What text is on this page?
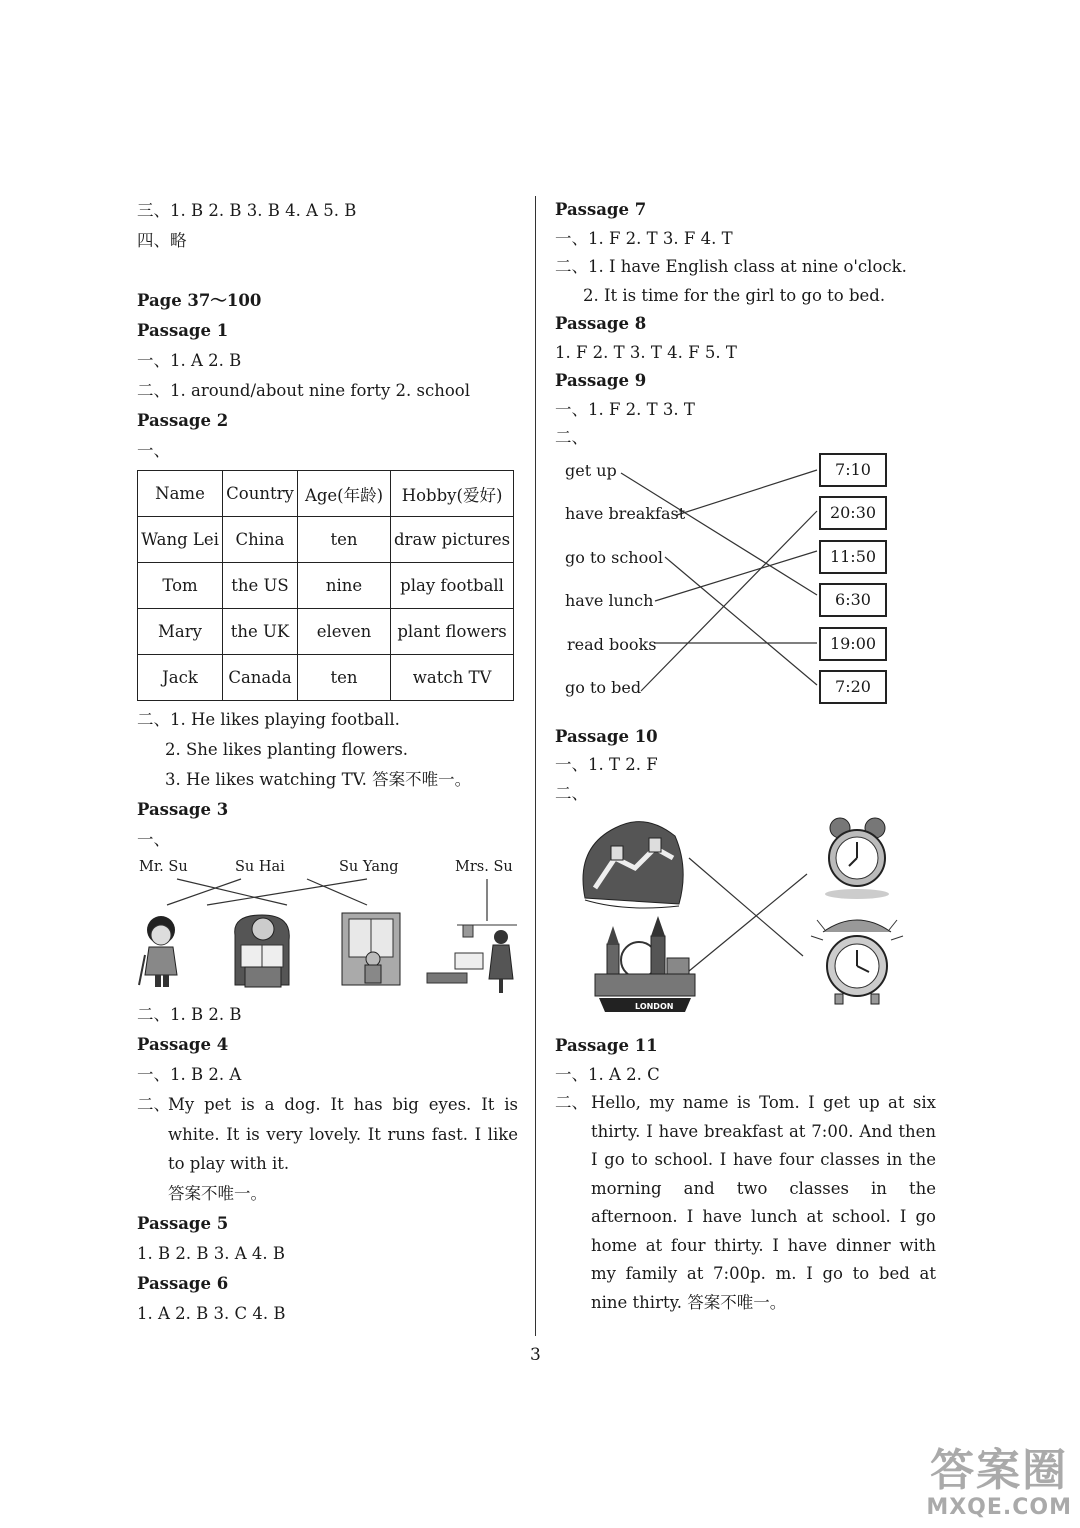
三、1. B 2. B 3. B 4. A 5. B
四、略
Page 37～100
Passage 1
一、1. A 2. B
二、1. around/about nine forty 2. school
Passage 2
一、
Name	Country	Age(年龄)	Hobby(爱好)
Wang Lei	China	ten	draw pictures
Tom	the US	nine	play football
Mary	the UK	eleven	plant flowers
Jack	Canada	ten	watch TV
二、1. He likes playing football.
2. She likes planting flowers.
3. He likes watching TV. 答案不唯一。
Passage 3
一、
Mr. Su	Su Hai	Su Yang	Mrs. Su
二、1. B 2. B
Passage 4
一、1. B 2. A
二、
My pet is a dog. It has big eyes. It is white. It is very lovely. It runs fast. I like to play with it.
答案不唯一。
Passage 5
1. B 2. B 3. A 4. B
Passage 6
1. A 2. B 3. C 4. B
Passage 7
一、1. F 2. T 3. F 4. T
二、1. I have English class at nine o'clock.
2. It is time for the girl to go to bed.
Passage 8
1. F 2. T 3. T 4. F 5. T
Passage 9
一、1. F 2. T 3. T
二、
get up
have breakfast
go to school
have lunch
read books
go to bed
7:10
20:30
11:50
6:30
19:00
7:20
Passage 10
一、1. T 2. F
二、
LONDON
Passage 11
一、1. A 2. C
二、 Hello, my name is Tom. I get up at six thirty. I have breakfast at 7:00. And then I go to school. I have four classes in the morning and two classes in the afternoon. I have lunch at school. I go home at four thirty. I have dinner with my family at 7:00p. m. I go to bed at nine thirty. 答案不唯一。
3
答案圈
MXQE.COM
